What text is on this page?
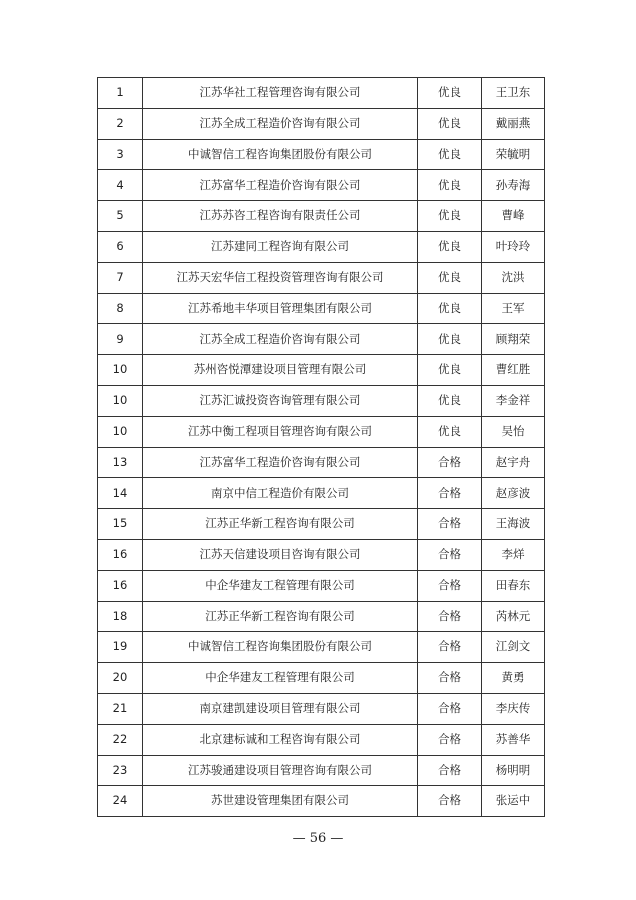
1	江苏华社工程管理咨询有限公司	优良	王卫东
2	江苏全成工程造价咨询有限公司	优良	戴丽燕
3	中诚智信工程咨询集团股份有限公司	优良	荣毓明
4	江苏富华工程造价咨询有限公司	优良	孙寿海
5	江苏苏咨工程咨询有限责任公司	优良	曹峰
6	江苏建同工程咨询有限公司	优良	叶玲玲
7	江苏天宏华信工程投资管理咨询有限公司	优良	沈洪
8	江苏希地丰华项目管理集团有限公司	优良	王军
9	江苏全成工程造价咨询有限公司	优良	顾翔荣
10	苏州咨悦潭建设项目管理有限公司	优良	曹红胜
10	江苏汇诚投资咨询管理有限公司	优良	李金祥
10	江苏中衡工程项目管理咨询有限公司	优良	吴怡
13	江苏富华工程造价咨询有限公司	合格	赵宇舟
14	南京中信工程造价有限公司	合格	赵彦波
15	江苏正华新工程咨询有限公司	合格	王海波
16	江苏天信建设项目咨询有限公司	合格	李烊
16	中企华建友工程管理有限公司	合格	田春东
18	江苏正华新工程咨询有限公司	合格	芮林元
19	中诚智信工程咨询集团股份有限公司	合格	江剑文
20	中企华建友工程管理有限公司	合格	黄勇
21	南京建凯建设项目管理有限公司	合格	李庆传
22	北京建标诚和工程咨询有限公司	合格	苏善华
23	江苏骏通建设项目管理咨询有限公司	合格	杨明明
24	苏世建设管理集团有限公司	合格	张运中
— 56 —
